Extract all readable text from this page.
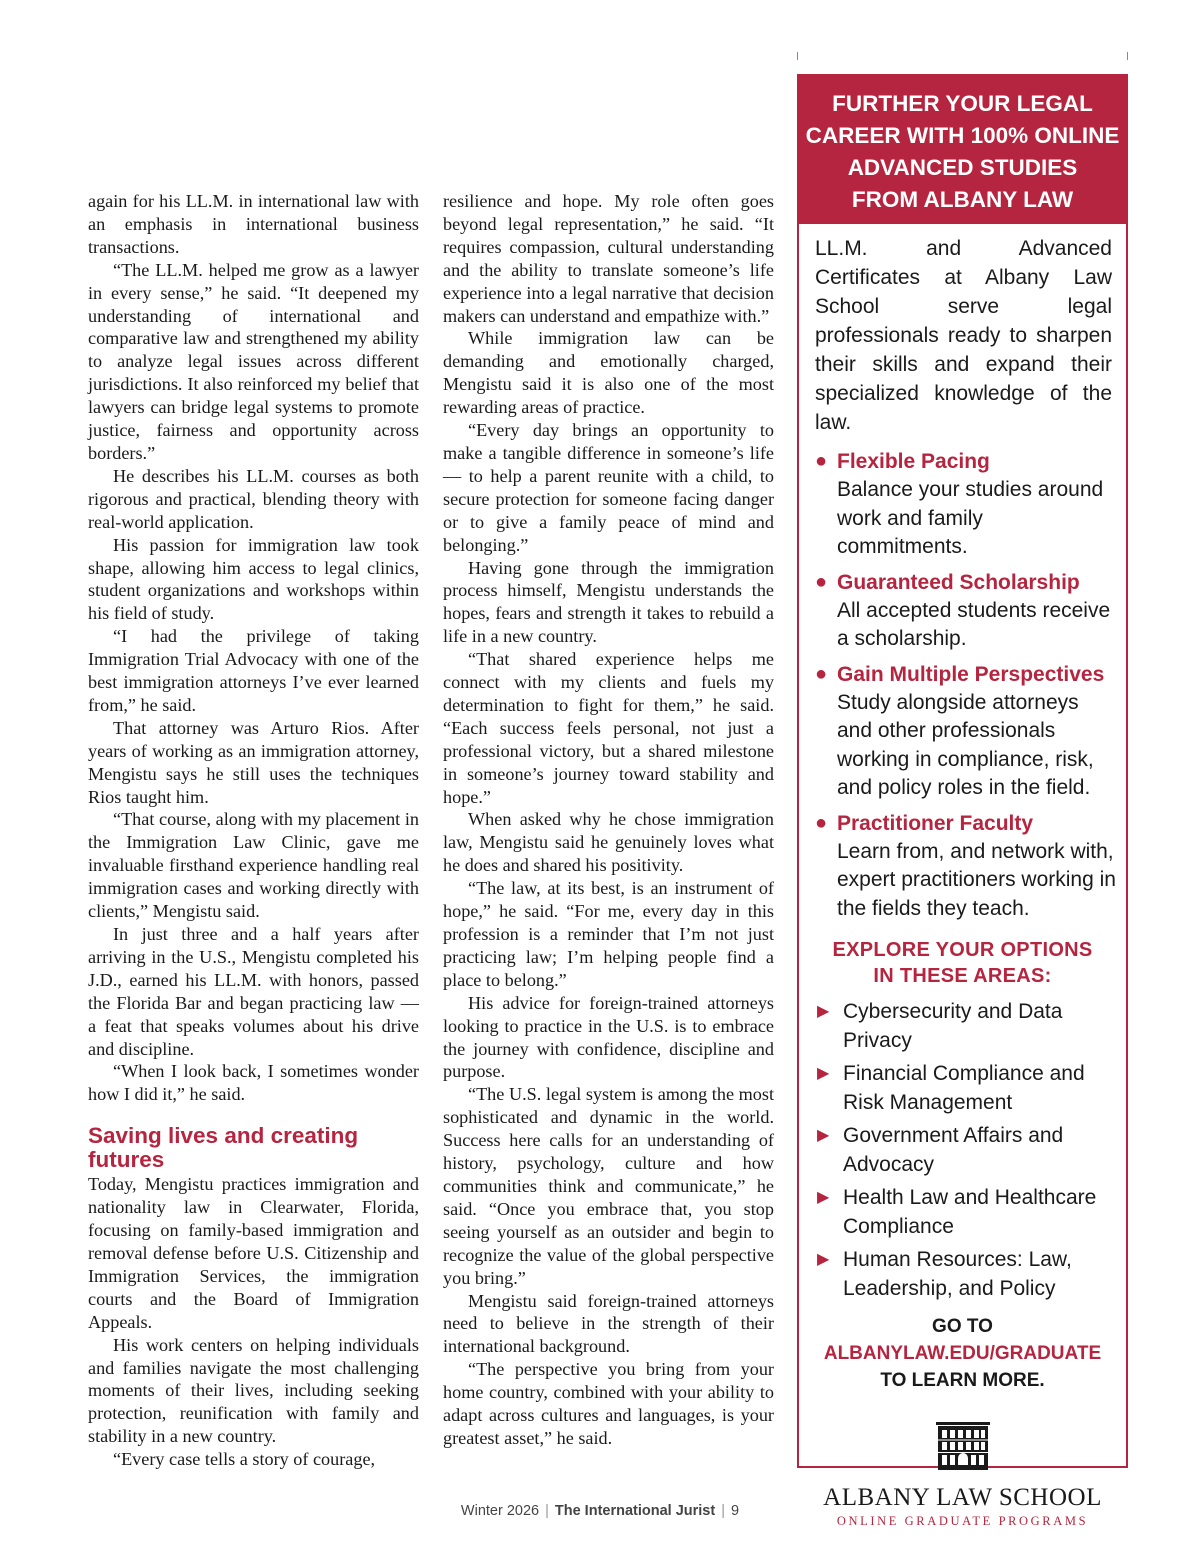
again for his LL.M. in international law with an emphasis in international business transactions.

“The LL.M. helped me grow as a lawyer in every sense,” he said. “It deepened my understanding of international and comparative law and strengthened my ability to analyze legal issues across different jurisdictions. It also reinforced my belief that lawyers can bridge legal systems to promote justice, fairness and opportunity across borders.”

He describes his LL.M. courses as both rigorous and practical, blending theory with real-world application.

His passion for immigration law took shape, allowing him access to legal clinics, student organizations and workshops within his field of study.

“I had the privilege of taking Immigration Trial Advocacy with one of the best immigration attorneys I’ve ever learned from,” he said.

That attorney was Arturo Rios. After years of working as an immigration attorney, Mengistu says he still uses the techniques Rios taught him.

“That course, along with my placement in the Immigration Law Clinic, gave me invaluable firsthand experience handling real immigration cases and working directly with clients,” Mengistu said.

In just three and a half years after arriving in the U.S., Mengistu completed his J.D., earned his LL.M. with honors, passed the Florida Bar and began practicing law — a feat that speaks volumes about his drive and discipline.

“When I look back, I sometimes wonder how I did it,” he said.

Saving lives and creating futures

Today, Mengistu practices immigration and nationality law in Clearwater, Florida, focusing on family-based immigration and removal defense before U.S. Citizenship and Immigration Services, the immigration courts and the Board of Immigration Appeals.

His work centers on helping individuals and families navigate the most challenging moments of their lives, including seeking protection, reunification with family and stability in a new country.

“Every case tells a story of courage,

resilience and hope. My role often goes beyond legal representation,” he said. “It requires compassion, cultural understanding and the ability to translate someone’s life experience into a legal narrative that decision makers can understand and empathize with.”

While immigration law can be demanding and emotionally charged, Mengistu said it is also one of the most rewarding areas of practice.

“Every day brings an opportunity to make a tangible difference in someone’s life — to help a parent reunite with a child, to secure protection for someone facing danger or to give a family peace of mind and belonging.”

Having gone through the immigration process himself, Mengistu understands the hopes, fears and strength it takes to rebuild a life in a new country.

“That shared experience helps me connect with my clients and fuels my determination to fight for them,” he said. “Each success feels personal, not just a professional victory, but a shared milestone in someone’s journey toward stability and hope.”

When asked why he chose immigration law, Mengistu said he genuinely loves what he does and shared his positivity.

“The law, at its best, is an instrument of hope,” he said. “For me, every day in this profession is a reminder that I’m not just practicing law; I’m helping people find a place to belong.”

His advice for foreign-trained attorneys looking to practice in the U.S. is to embrace the journey with confidence, discipline and purpose.

“The U.S. legal system is among the most sophisticated and dynamic in the world. Success here calls for an understanding of history, psychology, culture and how communities think and communicate,” he said. “Once you embrace that, you stop seeing yourself as an outsider and begin to recognize the value of the global perspective you bring.”

Mengistu said foreign-trained attorneys need to believe in the strength of their international background.

“The perspective you bring from your home country, combined with your ability to adapt across cultures and languages, is your greatest asset,” he said.

FURTHER YOUR LEGAL
CAREER WITH 100% ONLINE
ADVANCED STUDIES
FROM ALBANY LAW
LL.M. and Advanced Certificates at Albany Law School serve legal professionals ready to sharpen their skills and expand their specialized knowledge of the law.
● Flexible Pacing
Balance your studies around work and family commitments.
● Guaranteed Scholarship
All accepted students receive a scholarship.
● Gain Multiple Perspectives
Study alongside attorneys and other professionals working in compliance, risk, and policy roles in the field.
● Practitioner Faculty
Learn from, and network with, expert practitioners working in the fields they teach.
EXPLORE YOUR OPTIONS
IN THESE AREAS:
▶ Cybersecurity and Data Privacy
▶ Financial Compliance and Risk Management
▶ Government Affairs and Advocacy
▶ Health Law and Healthcare Compliance
▶ Human Resources: Law, Leadership, and Policy
GO TO
ALBANYLAW.EDU/GRADUATE
TO LEARN MORE.
ALBANY LAW SCHOOL
ONLINE GRADUATE PROGRAMS
Winter 2026 | The International Jurist | 9
